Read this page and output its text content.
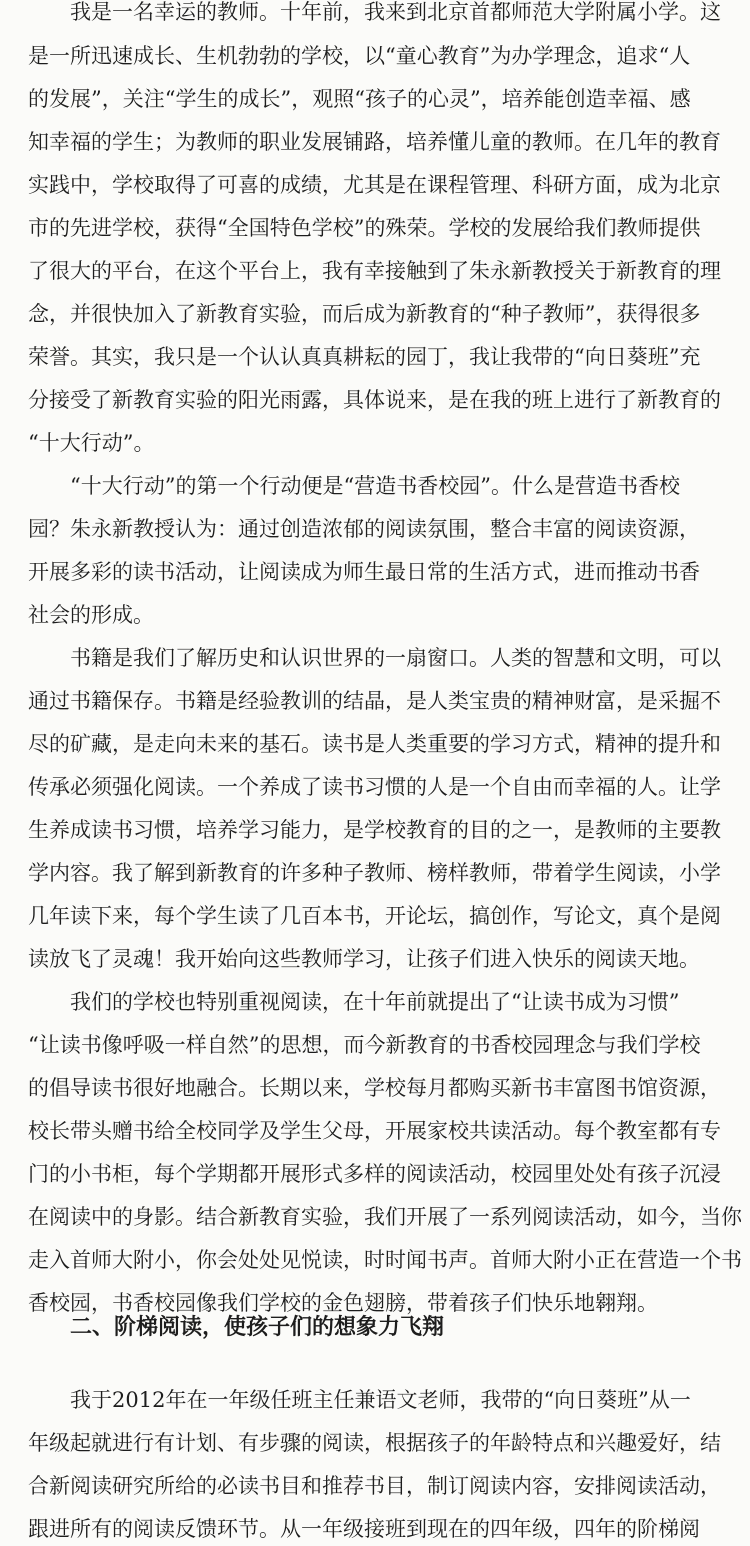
　　我是一名幸运的教师。十年前，我来到北京首都师范大学附属小学。这
是一所迅速成长、生机勃勃的学校，以“童心教育”为办学理念，追求“人
的发展”，关注“学生的成长”，观照“孩子的心灵”，培养能创造幸福、感
知幸福的学生；为教师的职业发展铺路，培养懂儿童的教师。在几年的教育
实践中，学校取得了可喜的成绩，尤其是在课程管理、科研方面，成为北京
市的先进学校，获得“全国特色学校”的殊荣。学校的发展给我们教师提供
了很大的平台，在这个平台上，我有幸接触到了朱永新教授关于新教育的理
念，并很快加入了新教育实验，而后成为新教育的“种子教师”，获得很多
荣誉。其实，我只是一个认认真真耕耘的园丁，我让我带的“向日葵班”充
分接受了新教育实验的阳光雨露，具体说来，是在我的班上进行了新教育的
“十大行动”。
　　“十大行动”的第一个行动便是“营造书香校园”。什么是营造书香校
园？朱永新教授认为：通过创造浓郁的阅读氛围，整合丰富的阅读资源，
开展多彩的读书活动，让阅读成为师生最日常的生活方式，进而推动书香
社会的形成。
　　书籍是我们了解历史和认识世界的一扇窗口。人类的智慧和文明，可以
通过书籍保存。书籍是经验教训的结晶，是人类宝贵的精神财富，是采掘不
尽的矿藏，是走向未来的基石。读书是人类重要的学习方式，精神的提升和
传承必须强化阅读。一个养成了读书习惯的人是一个自由而幸福的人。让学
生养成读书习惯，培养学习能力，是学校教育的目的之一，是教师的主要教
学内容。我了解到新教育的许多种子教师、榜样教师，带着学生阅读，小学
几年读下来，每个学生读了几百本书，开论坛，搞创作，写论文，真个是阅
读放飞了灵魂！我开始向这些教师学习，让孩子们进入快乐的阅读天地。
　　我们的学校也特别重视阅读，在十年前就提出了“让读书成为习惯”
“让读书像呼吸一样自然”的思想，而今新教育的书香校园理念与我们学校
的倡导读书很好地融合。长期以来，学校每月都购买新书丰富图书馆资源，
校长带头赠书给全校同学及学生父母，开展家校共读活动。每个教室都有专
门的小书柜，每个学期都开展形式多样的阅读活动，校园里处处有孩子沉浸
在阅读中的身影。结合新教育实验，我们开展了一系列阅读活动，如今，当你
走入首师大附小，你会处处见悦读，时时闻书声。首师大附小正在营造一个书
香校园，书香校园像我们学校的金色翅膀，带着孩子们快乐地翱翔。
二、阶梯阅读，使孩子们的想象力飞翔
　　我于2012年在一年级任班主任兼语文老师，我带的“向日葵班”从一
年级起就进行有计划、有步骤的阅读，根据孩子的年龄特点和兴趣爱好，结
合新阅读研究所给的必读书目和推荐书目，制订阅读内容，安排阅读活动，
跟进所有的阅读反馈环节。从一年级接班到现在的四年级，四年的阶梯阅
